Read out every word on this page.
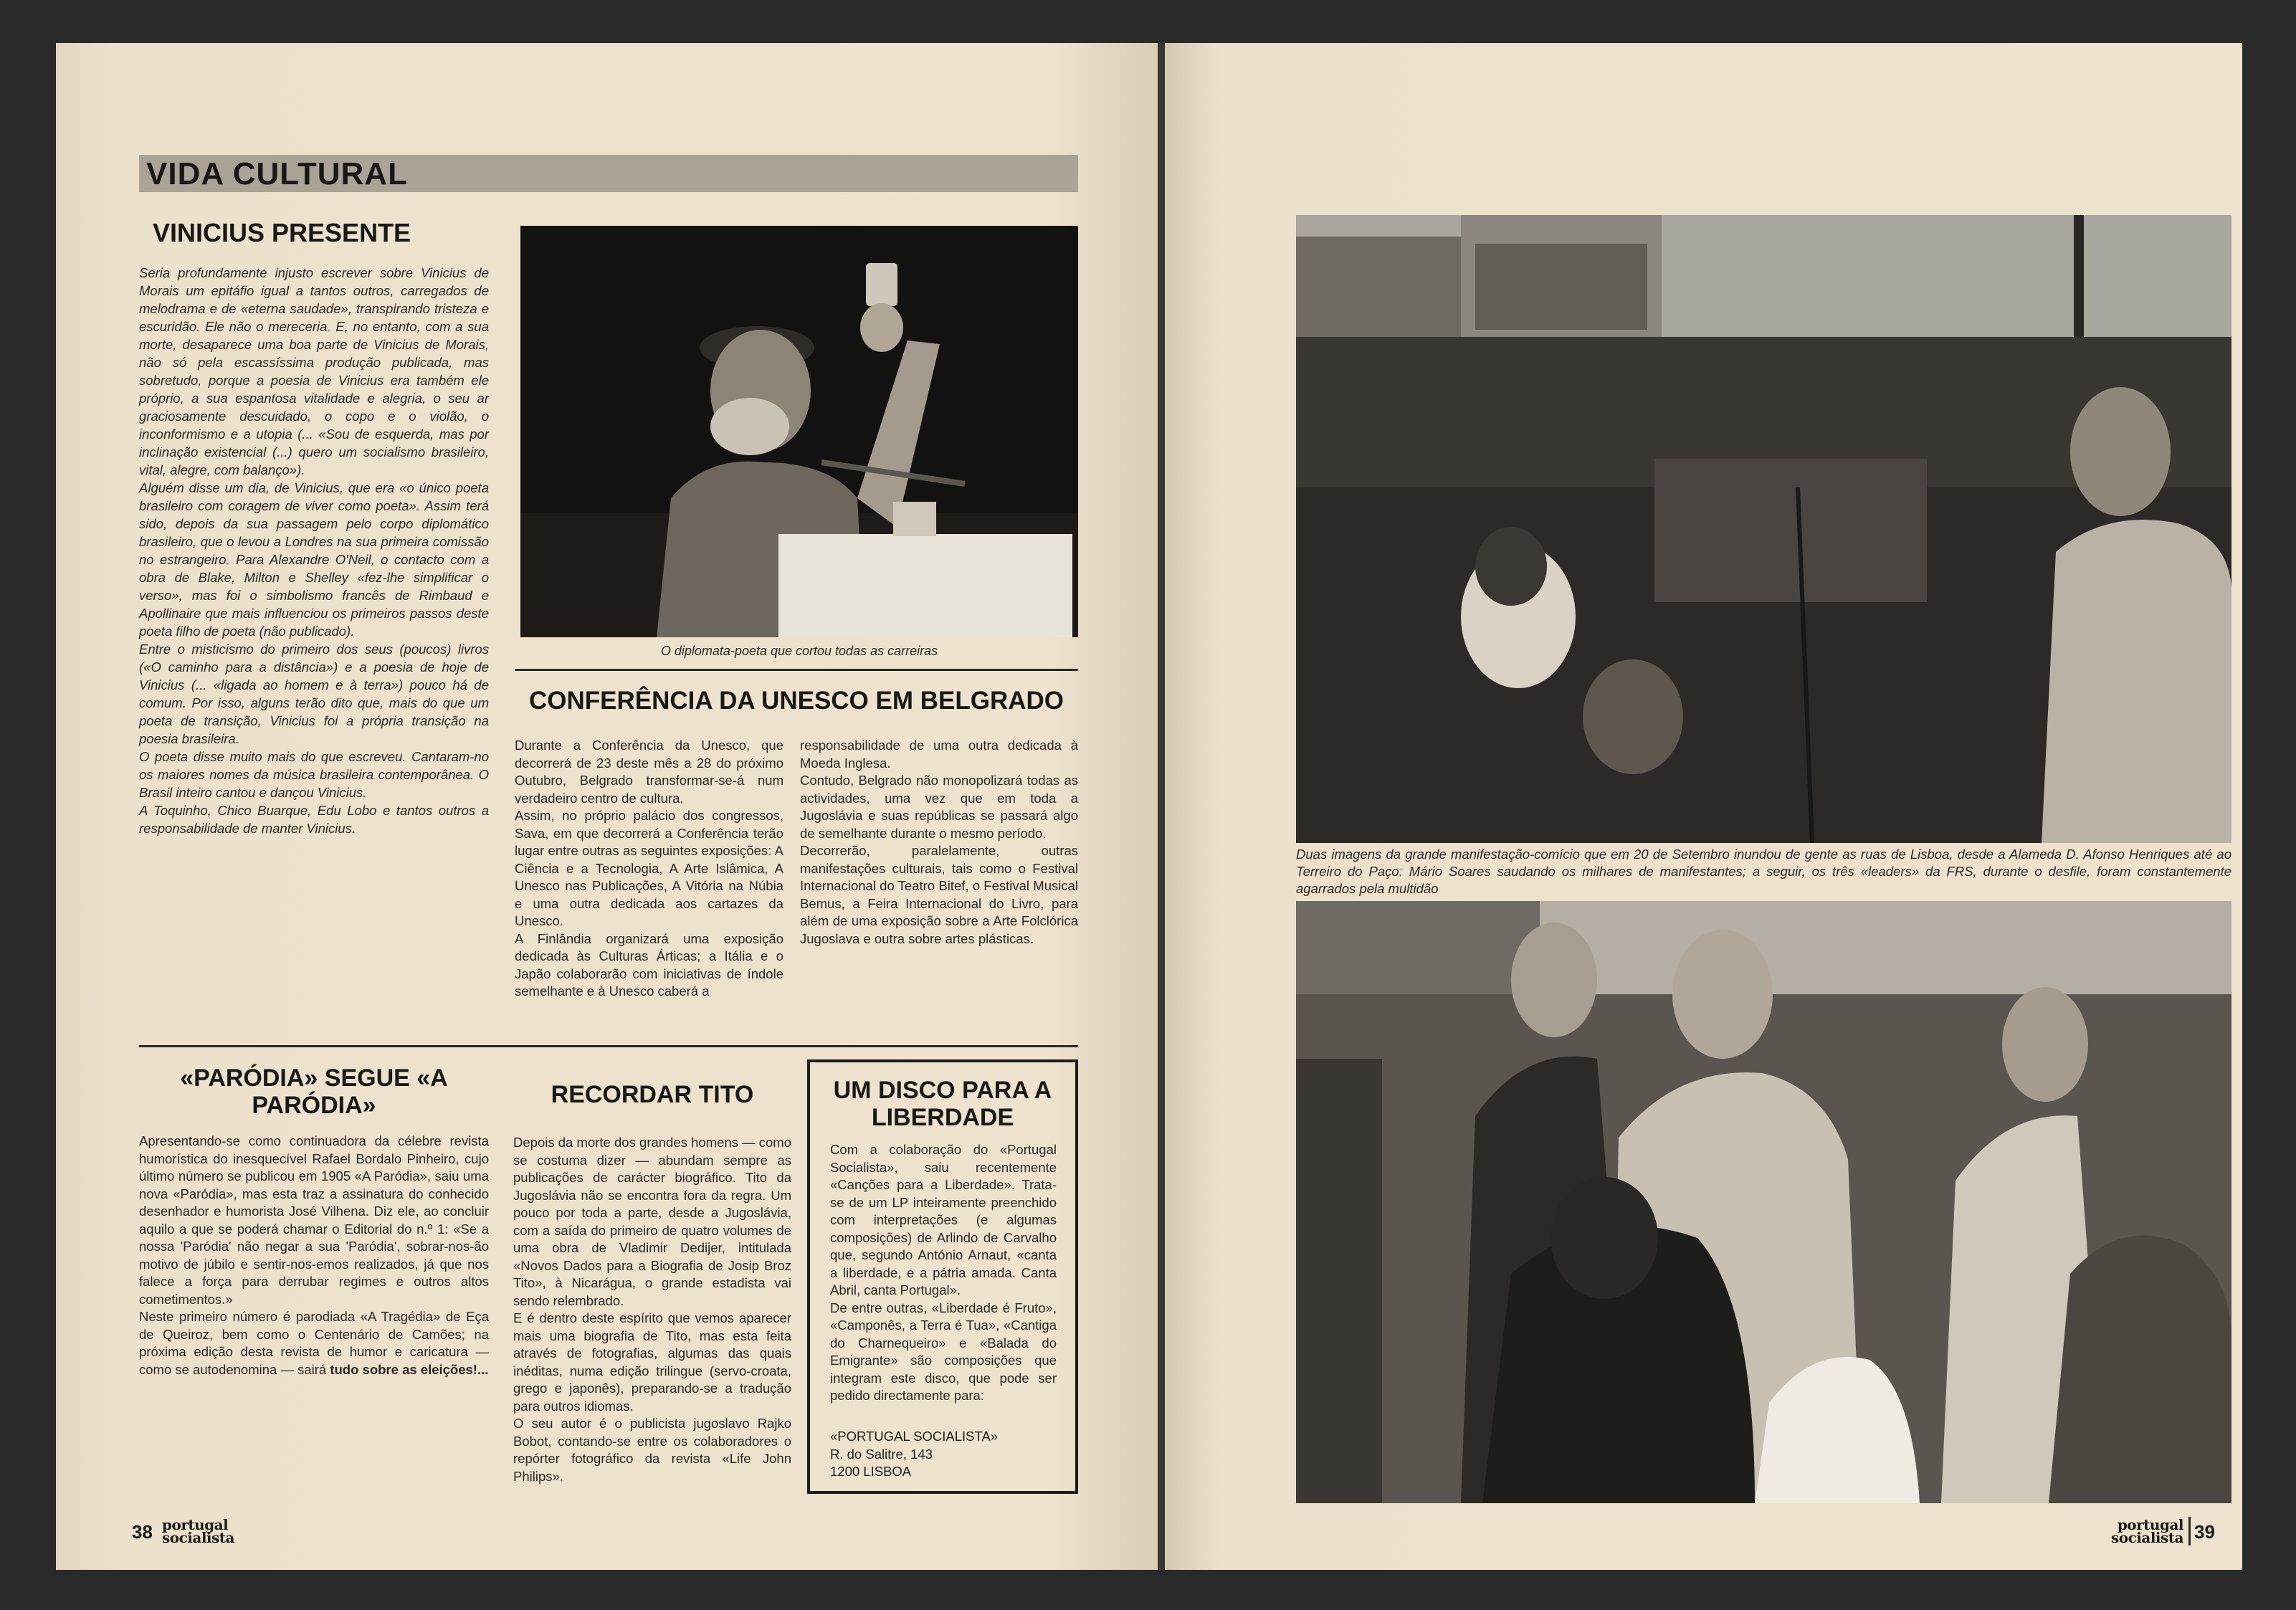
VIDA CULTURAL
VINICIUS PRESENTE

Seria profundamente injusto escrever sobre Vinicius de Morais um epitáfio igual a tantos outros, carregados de melodrama e de «eterna saudade», transpirando tristeza e escuridão. Ele não o mereceria. E, no entanto, com a sua morte, desaparece uma boa parte de Vinicius de Morais, não só pela escassíssima produção publicada, mas sobretudo, porque a poesia de Vinicius era também ele próprio, a sua espantosa vitalidade e alegria, o seu ar graciosamente descuidado, o copo e o violão, o inconformismo e a utopia (... «Sou de esquerda, mas por inclinação existencial (...) quero um socialismo brasileiro, vital, alegre, com balanço»).
Alguém disse um dia, de Vinicius, que era «o único poeta brasileiro com coragem de viver como poeta». Assim terá sido, depois da sua passagem pelo corpo diplomático brasileiro, que o levou a Londres na sua primeira comissão no estrangeiro. Para Alexandre O'Neil, o contacto com a obra de Blake, Milton e Shelley «fez-lhe simplificar o verso», mas foi o simbolismo francês de Rimbaud e Apollinaire que mais influenciou os primeiros passos deste poeta filho de poeta (não publicado).
Entre o misticismo do primeiro dos seus (poucos) livros («O caminho para a distância») e a poesia de hoje de Vinicius (... «ligada ao homem e à terra») pouco há de comum. Por isso, alguns terão dito que, mais do que um poeta de transição, Vinicius foi a própria transição na poesia brasileira.
O poeta disse muito mais do que escreveu. Cantaram-no os maiores nomes da música brasileira contemporânea. O Brasil inteiro cantou e dançou Vinicius.
A Toquinho, Chico Buarque, Edu Lobo e tantos outros a responsabilidade de manter Vinicius.

O diplomata-poeta que cortou todas as carreiras

CONFERÊNCIA DA UNESCO EM BELGRADO

Durante a Conferência da Unesco, que decorrerá de 23 deste mês a 28 do próximo Outubro, Belgrado transformar-se-á num verdadeiro centro de cultura.
Assim, no próprio palácio dos congressos, Sava, em que decorrerá a Conferência terão lugar entre outras as seguintes exposições: A Ciência e a Tecnologia, A Arte Islâmica, A Unesco nas Publicações, A Vitória na Núbia e uma outra dedicada aos cartazes da Unesco.
A Finlândia organizará uma exposição dedicada às Culturas Árticas; a Itália e o Japão colaborarão com iniciativas de índole semelhante e à Unesco caberá a

responsabilidade de uma outra dedicada à Moeda Inglesa.
Contudo, Belgrado não monopolizará todas as actividades, uma vez que em toda a Jugoslávia e suas repúblicas se passará algo de semelhante durante o mesmo período.
Decorrerão, paralelamente, outras manifestações culturais, tais como o Festival Internacional do Teatro Bitef, o Festival Musical Bemus, a Feira Internacional do Livro, para além de uma exposição sobre a Arte Folclórica Jugoslava e outra sobre artes plásticas.

«PARÓDIA» SEGUE «A PARÓDIA»
Apresentando-se como continuadora da célebre revista humorística do inesquecível Rafael Bordalo Pinheiro, cujo último número se publicou em 1905 «A Paródia», saiu uma nova «Paródia», mas esta traz a assinatura do conhecido desenhador e humorista José Vilhena. Diz ele, ao concluir aquilo a que se poderá chamar o Editorial do n.º 1: «Se a nossa 'Paródia' não negar a sua 'Paródia', sobrar-nos-ão motivo de júbilo e sentir-nos-emos realizados, já que nos falece a força para derrubar regimes e outros altos cometimentos.»
Neste primeiro número é parodiada «A Tragédia» de Eça de Queiroz, bem como o Centenário de Camões; na próxima edição desta revista de humor e caricatura — como se autodenomina — sairá tudo sobre as eleições!...
RECORDAR TITO

Depois da morte dos grandes homens — como se costuma dizer — abundam sempre as publicações de carácter biográfico. Tito da Jugoslávia não se encontra fora da regra. Um pouco por toda a parte, desde a Jugoslávia, com a saída do primeiro de quatro volumes de uma obra de Vladimir Dedijer, intitulada «Novos Dados para a Biografia de Josip Broz Tito», à Nicarágua, o grande estadista vai sendo relembrado.
E é dentro deste espírito que vemos aparecer mais uma biografia de Tito, mas esta feita através de fotografias, algumas das quais inéditas, numa edição trilingue (servo-croata, grego e japonês), preparando-se a tradução para outros idiomas.
O seu autor é o publicista jugoslavo Rajko Bobot, contando-se entre os colaboradores o repórter fotográfico da revista «Life John Philips».

UM DISCO PARA A LIBERDADE

Com a colaboração do «Portugal Socialista», saiu recentemente «Canções para a Liberdade». Trata-se de um LP inteiramente preenchido com interpretações (e algumas composições) de Arlindo de Carvalho que, segundo António Arnaut, «canta a liberdade, e a pátria amada. Canta Abril, canta Portugal».
De entre outras, «Liberdade é Fruto», «Camponês, a Terra é Tua», «Cantiga do Charnequeiro» e «Balada do Emigrante» são composições que integram este disco, que pode ser pedido directamente para:

«PORTUGAL SOCIALISTA»
R. do Salitre, 143
1200 LISBOA
38 portugal
socialista

Duas imagens da grande manifestação-comício que em 20 de Setembro inundou de gente as ruas de Lisboa, desde a Alameda D. Afonso Henriques até ao Terreiro do Paço: Mário Soares saudando os milhares de manifestantes; a seguir, os três «leaders» da FRS, durante o desfile, foram constantemente agarrados pela multidão

portugal
socialista 39
